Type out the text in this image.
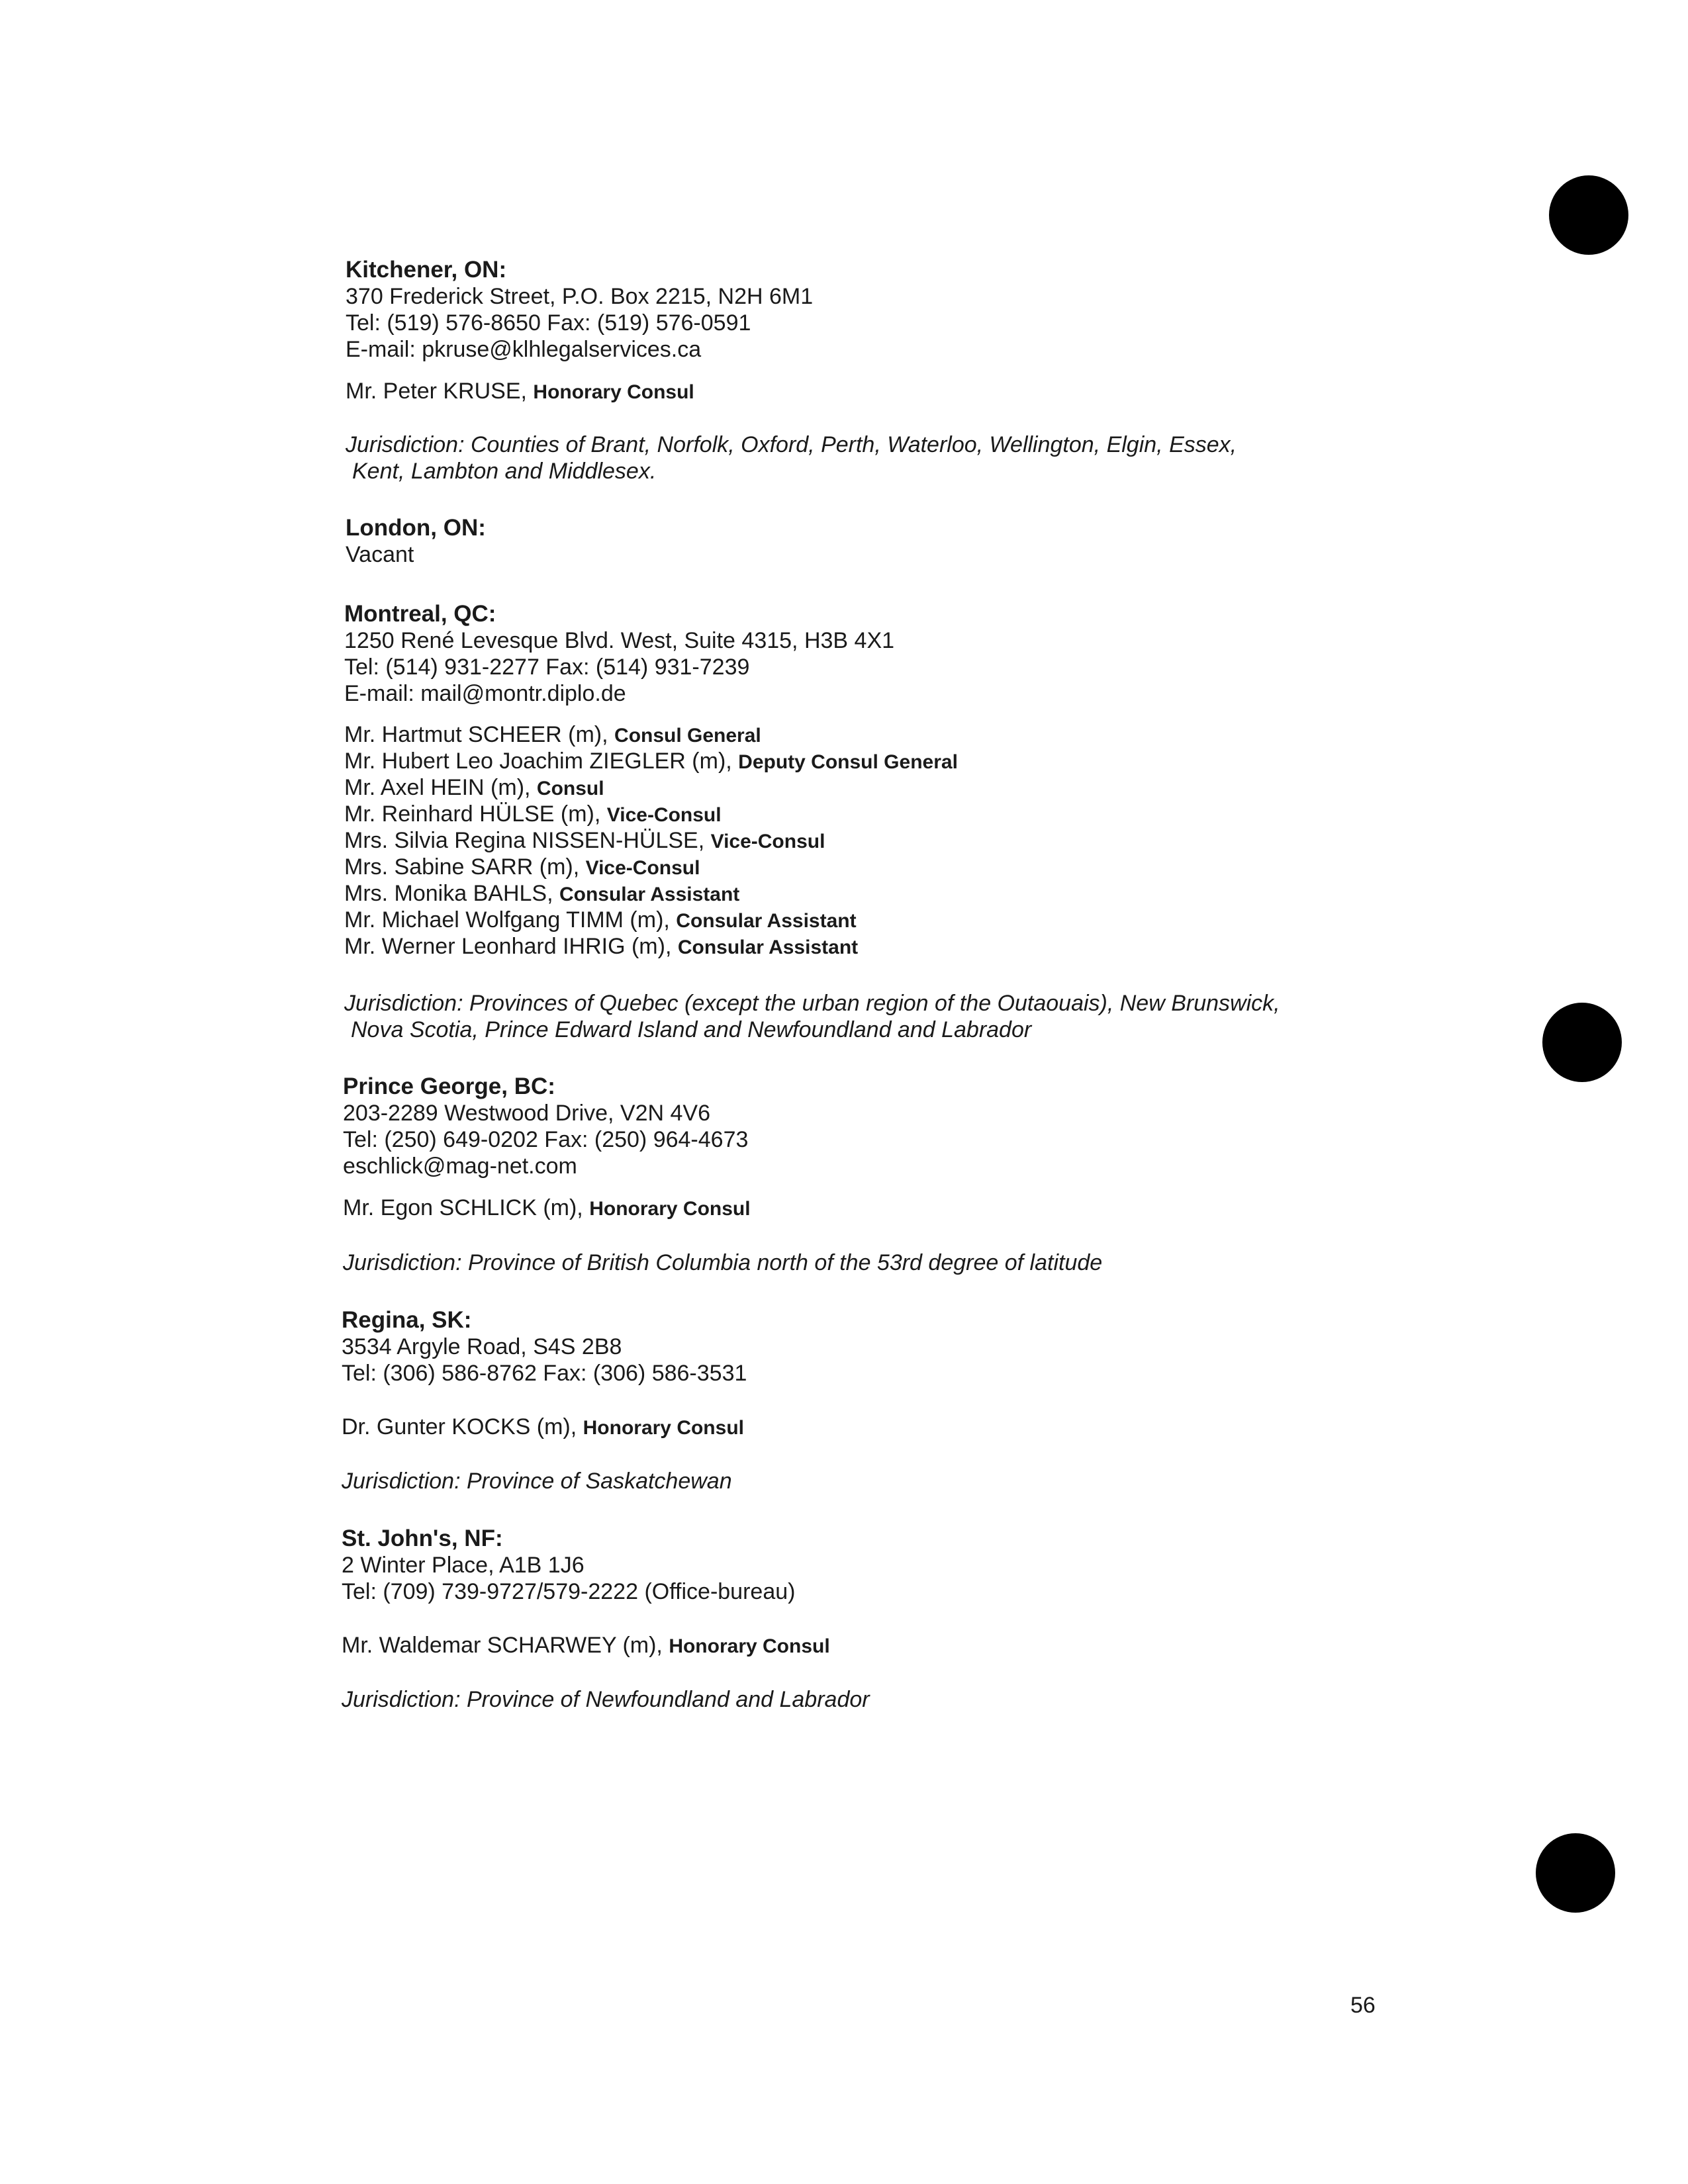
Kitchener, ON:
370 Frederick Street, P.O. Box 2215, N2H 6M1
Tel: (519) 576-8650 Fax: (519) 576-0591
E-mail: pkruse@klhlegalservices.ca
Mr. Peter KRUSE, Honorary Consul
Jurisdiction: Counties of Brant, Norfolk, Oxford, Perth, Waterloo, Wellington, Elgin, Essex,
Kent, Lambton and Middlesex.
London, ON:
Vacant
Montreal, QC:
1250 René Levesque Blvd. West, Suite 4315, H3B 4X1
Tel: (514) 931-2277 Fax: (514) 931-7239
E-mail: mail@montr.diplo.de
Mr. Hartmut SCHEER (m), Consul General
Mr. Hubert Leo Joachim ZIEGLER (m), Deputy Consul General
Mr. Axel HEIN (m), Consul
Mr. Reinhard HÜLSE (m), Vice-Consul
Mrs. Silvia Regina NISSEN-HÜLSE, Vice-Consul
Mrs. Sabine SARR (m), Vice-Consul
Mrs. Monika BAHLS, Consular Assistant
Mr. Michael Wolfgang TIMM (m), Consular Assistant
Mr. Werner Leonhard IHRIG (m), Consular Assistant
Jurisdiction: Provinces of Quebec (except the urban region of the Outaouais), New Brunswick,
Nova Scotia, Prince Edward Island and Newfoundland and Labrador
Prince George, BC:
203-2289 Westwood Drive, V2N 4V6
Tel: (250) 649-0202 Fax: (250) 964-4673
eschlick@mag-net.com
Mr. Egon SCHLICK (m), Honorary Consul
Jurisdiction: Province of British Columbia north of the 53rd degree of latitude
Regina, SK:
3534 Argyle Road, S4S 2B8
Tel: (306) 586-8762 Fax: (306) 586-3531
Dr. Gunter KOCKS (m), Honorary Consul
Jurisdiction: Province of Saskatchewan
St. John's, NF:
2 Winter Place, A1B 1J6
Tel: (709) 739-9727/579-2222 (Office-bureau)
Mr. Waldemar SCHARWEY (m), Honorary Consul
Jurisdiction: Province of Newfoundland and Labrador
56
